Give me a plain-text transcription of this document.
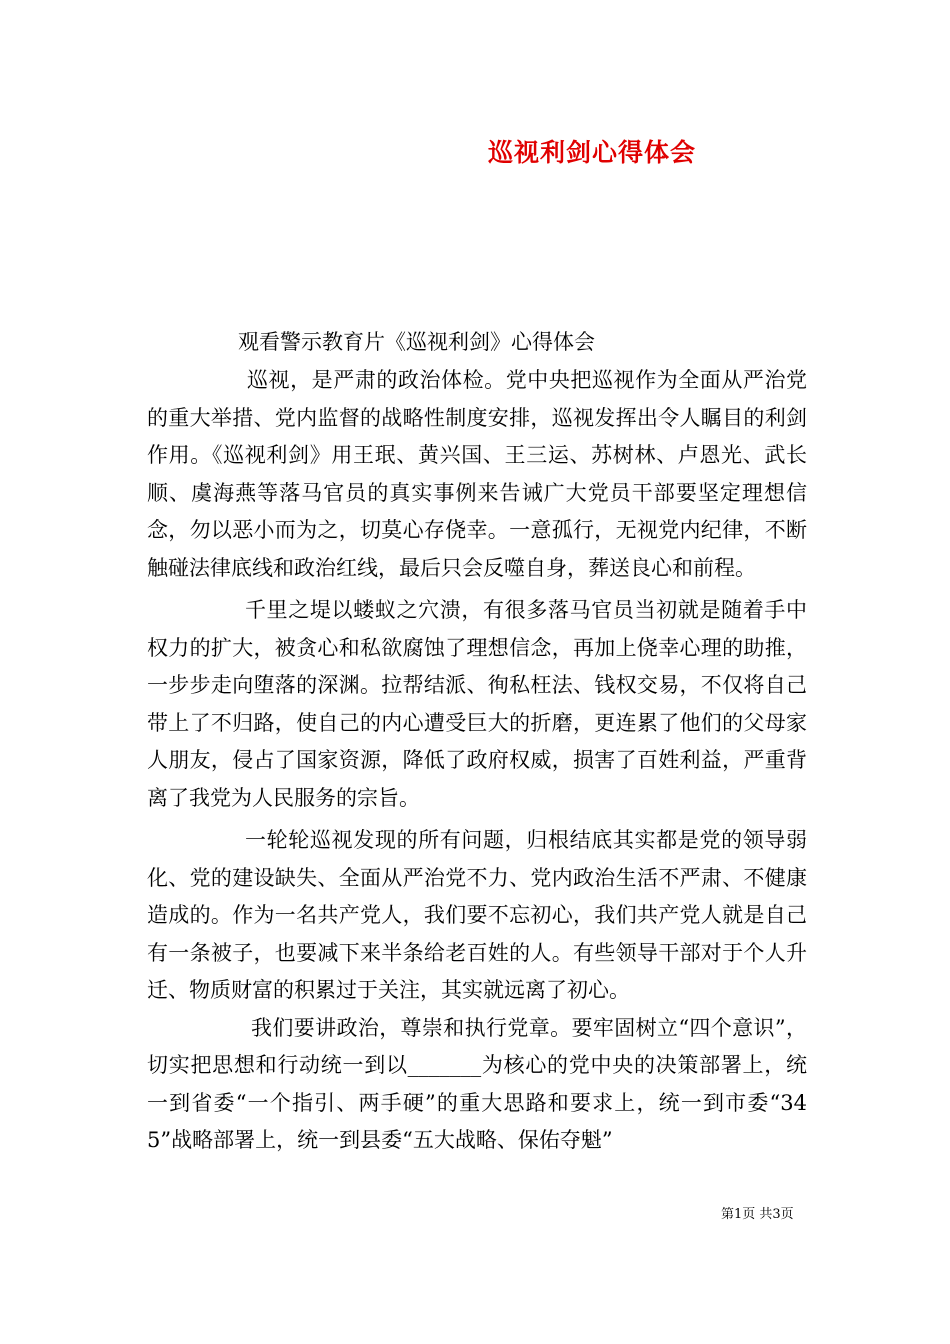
巡视利剑心得体会
观看警示教育片《巡视利剑》心得体会

巡视，是严肃的政治体检。党中央把巡视作为全面从严治党的重大举措、党内监督的战略性制度安排，巡视发挥出令人瞩目的利剑作用。《巡视利剑》用王珉、黄兴国、王三运、苏树林、卢恩光、武长顺、虞海燕等落马官员的真实事例来告诫广大党员干部要坚定理想信念，勿以恶小而为之，切莫心存侥幸。一意孤行，无视党内纪律，不断触碰法律底线和政治红线，最后只会反噬自身，葬送良心和前程。

千里之堤以蝼蚁之穴溃，有很多落马官员当初就是随着手中权力的扩大，被贪心和私欲腐蚀了理想信念，再加上侥幸心理的助推，一步步走向堕落的深渊。拉帮结派、徇私枉法、钱权交易，不仅将自己带上了不归路，使自己的内心遭受巨大的折磨，更连累了他们的父母家人朋友，侵占了国家资源，降低了政府权威，损害了百姓利益，严重背离了我党为人民服务的宗旨。

一轮轮巡视发现的所有问题，归根结底其实都是党的领导弱化、党的建设缺失、全面从严治党不力、党内政治生活不严肃、不健康造成的。作为一名共产党人，我们要不忘初心，我们共产党人就是自己有一条被子，也要减下来半条给老百姓的人。有些领导干部对于个人升迁、物质财富的积累过于关注，其实就远离了初心。

我们要讲政治，尊崇和执行党章。要牢固树立“四个意识”，切实把思想和行动统一到以_______为核心的党中央的决策部署上，统一到省委“一个指引、两手硬”的重大思路和要求上，统一到市委“345”战略部署上，统一到县委“五大战略、保佑夺魁”

第1页 共3页
